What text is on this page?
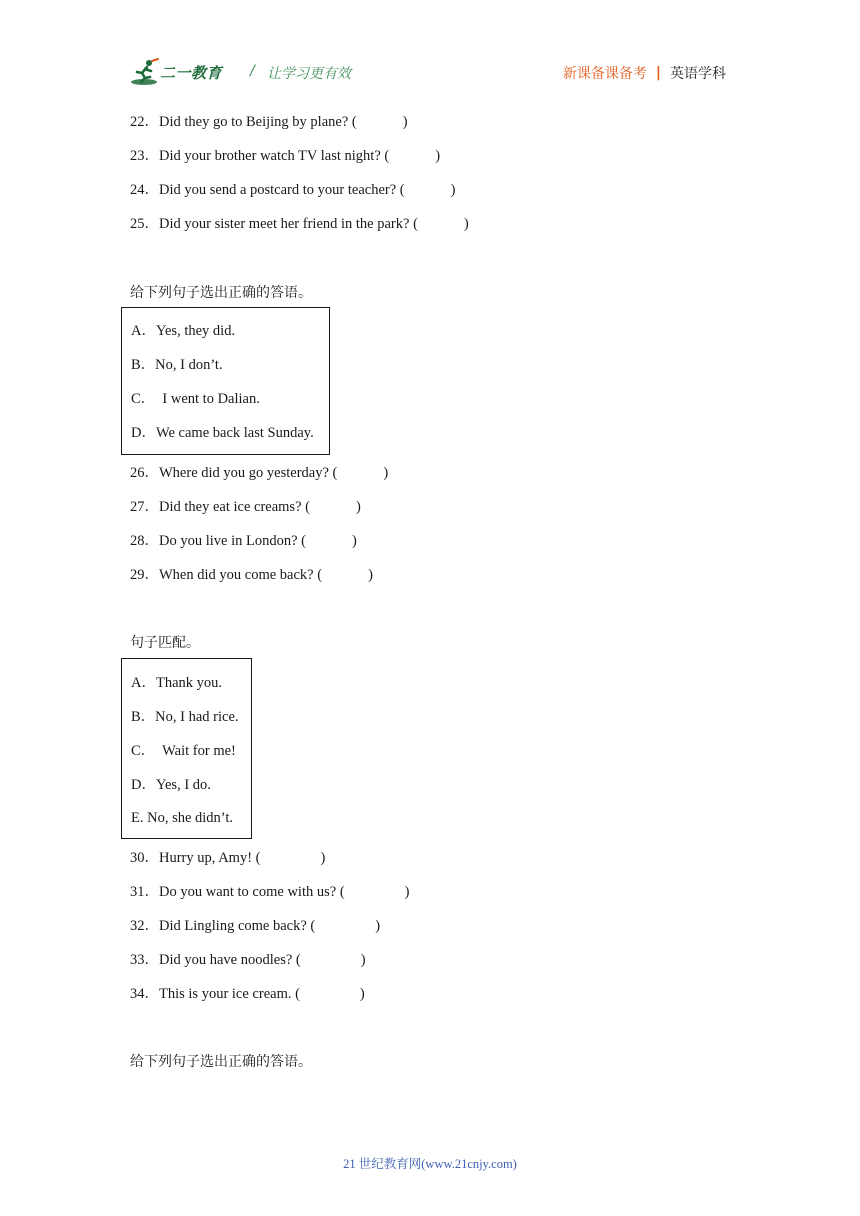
二一教育 / 让学习更有效	新课备课备考 | 英语学科
22．Did they go to Beijing by plane? (	)
23．Did your brother watch TV last night? (	)
24．Did you send a postcard to your teacher? (	)
25．Did your sister meet her friend in the park? (	)
给下列句子选出正确的答语。
A．Yes, they did.
B．No, I don’t.
C．  I went to Dalian.
D．We came back last Sunday.
26．Where did you go yesterday? (	)
27．Did they eat ice creams? (	)
28．Do you live in London? (	)
29．When did you come back? (	)
句子匹配。
A．Thank you.
B．No, I had rice.
C．  Wait for me!
D．Yes, I do.
E. No, she didn’t.
30．Hurry up, Amy! (	)
31．Do you want to come with us? (	)
32．Did Lingling come back? (	)
33．Did you have noodles? (	)
34．This is your ice cream. (	)
给下列句子选出正确的答语。
21 世纪教育网(www.21cnjy.com)
